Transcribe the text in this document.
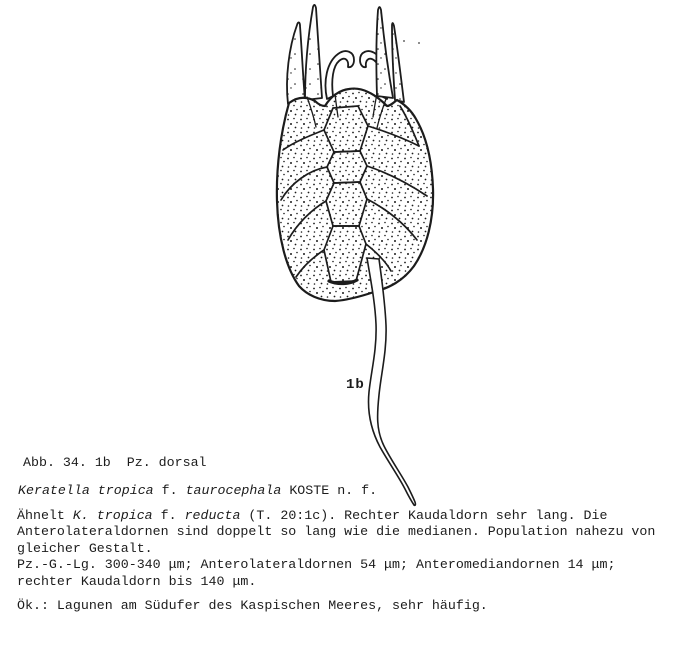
1b
Abb. 34. 1b  Pz. dorsal
Keratella tropica f. taurocephala KOSTE n. f.
Ähnelt K. tropica f. reducta (T. 20:1c). Rechter Kaudaldorn sehr lang. Die
Anterolateraldornen sind doppelt so lang wie die medianen. Population nahezu von
gleicher Gestalt.
Pz.-G.-Lg. 300-340 μm; Anterolateraldornen 54 μm; Anteromediandornen 14 μm;
rechter Kaudaldorn bis 140 μm.
Ök.: Lagunen am Südufer des Kaspischen Meeres, sehr häufig.
